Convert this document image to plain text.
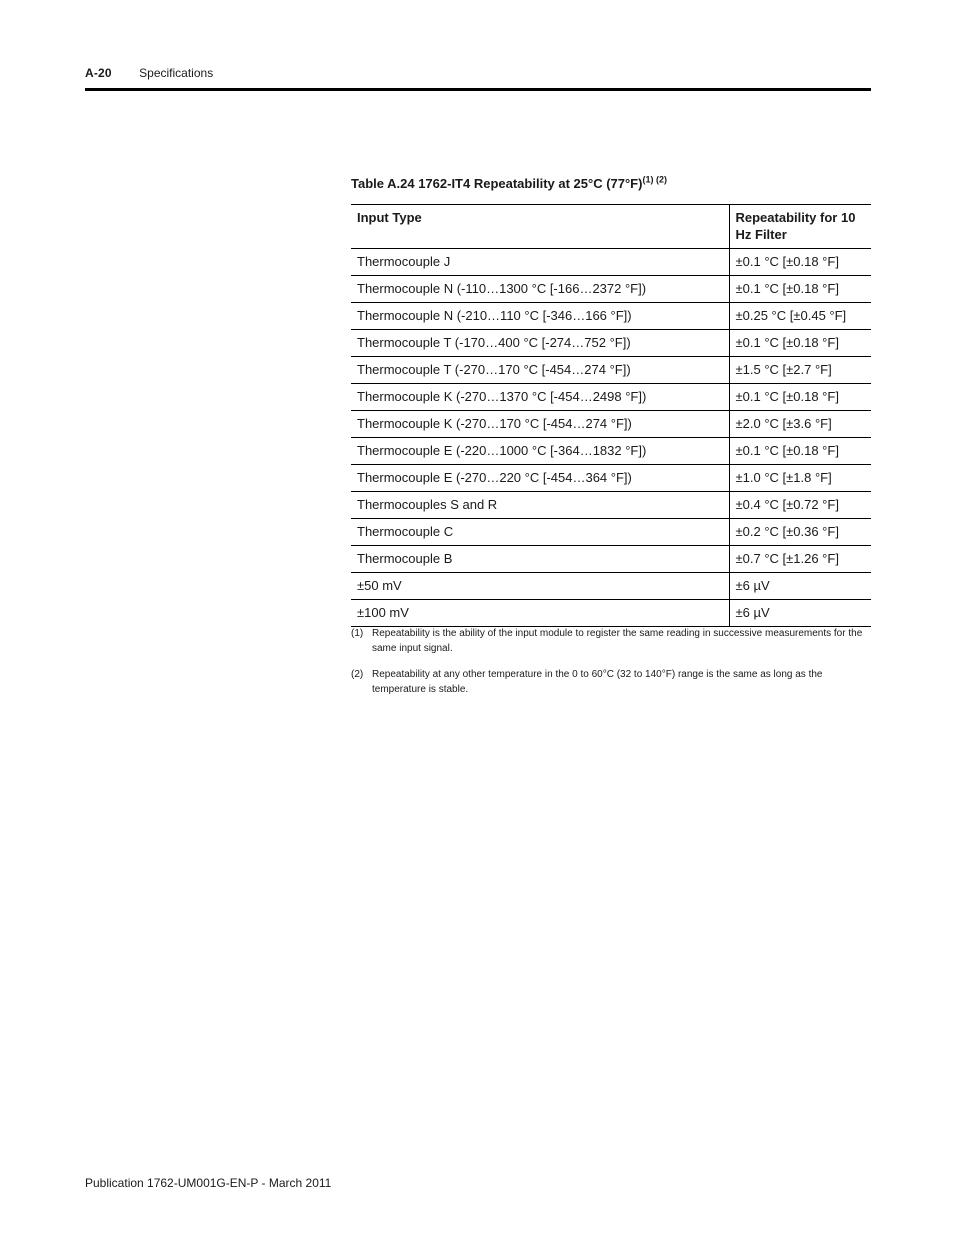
A-20 Specifications
Table A.24 1762-IT4 Repeatability at 25°C $(77^\circ F)^{(1) (2)}$
Input Type	Repeatability for 10 Hz Filter
Thermocouple J	±0.1 °C [±0.18 °F]
Thermocouple N (-110…1300 °C [-166…2372 °F])	±0.1 °C [±0.18 °F]
Thermocouple N (-210…110 °C [-346…166 °F])	±0.25 °C [±0.45 °F]
Thermocouple T (-170…400 °C [-274…752 °F])	±0.1 °C [±0.18 °F]
Thermocouple T (-270…170 °C [-454…274 °F])	±1.5 °C [±2.7 °F]
Thermocouple K (-270…1370 °C [-454…2498 °F])	±0.1 °C [±0.18 °F]
Thermocouple K (-270…170 °C [-454…274 °F])	±2.0 °C [±3.6 °F]
Thermocouple E (-220…1000 °C [-364…1832 °F])	±0.1 °C [±0.18 °F]
Thermocouple E (-270…220 °C [-454…364 °F])	±1.0 °C [±1.8 °F]
Thermocouples S and R	±0.4 °C [±0.72 °F]
Thermocouple C	±0.2 °C [±0.36 °F]
Thermocouple B	±0.7 °C [±1.26 °F]
±50 mV	±6 µV
±100 mV	±6 µV
(1) Repeatability is the ability of the input module to register the same reading in successive measurements for the same input signal.
(2) Repeatability at any other temperature in the 0 to 60°C (32 to 140°F) range is the same as long as the temperature is stable.
Publication 1762-UM001G-EN-P - March 2011
